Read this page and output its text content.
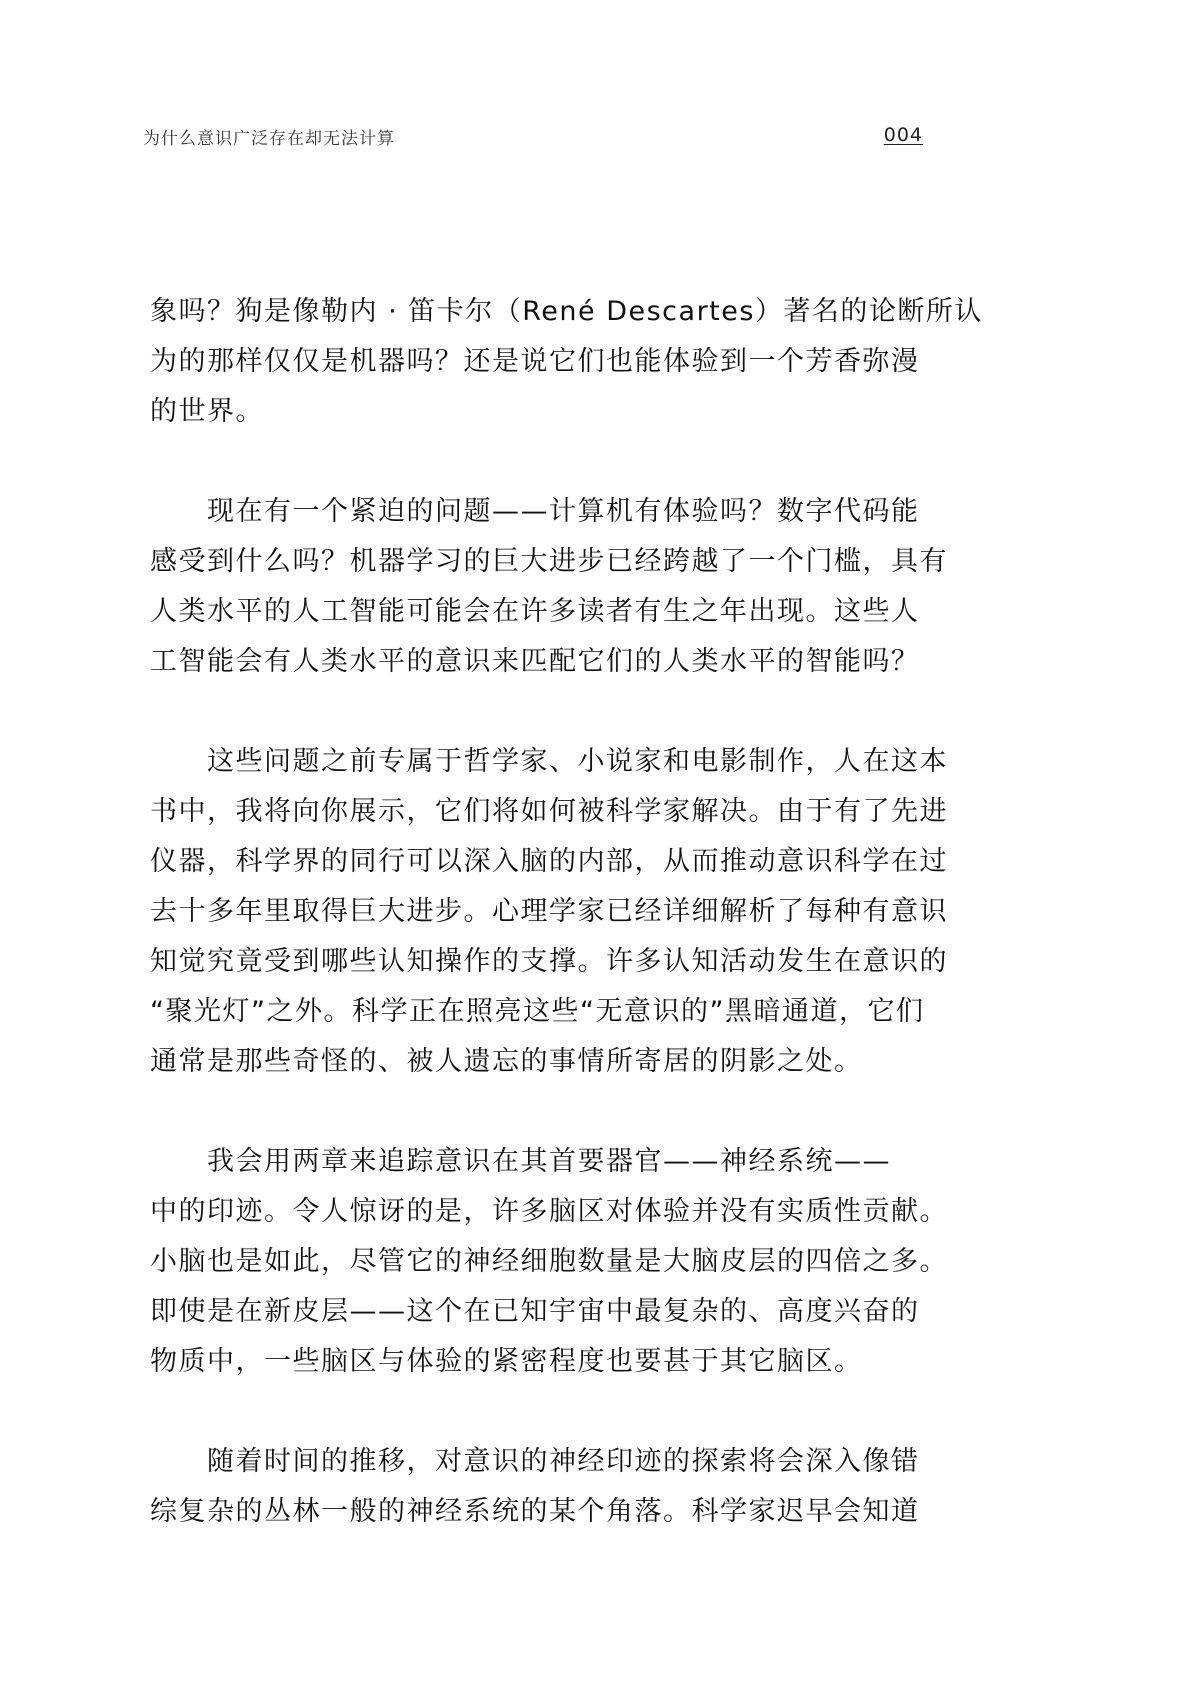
为什么意识广泛存在却无法计算	004
象吗？狗是像勒内 · 笛卡尔（René Descartes）著名的论断所认
为的那样仅仅是机器吗？还是说它们也能体验到一个芳香弥漫
的世界。
现在有一个紧迫的问题——计算机有体验吗？数字代码能
感受到什么吗？机器学习的巨大进步已经跨越了一个门槛，具有
人类水平的人工智能可能会在许多读者有生之年出现。这些人
工智能会有人类水平的意识来匹配它们的人类水平的智能吗？
这些问题之前专属于哲学家、小说家和电影制作，人在这本
书中，我将向你展示，它们将如何被科学家解决。由于有了先进
仪器，科学界的同行可以深入脑的内部，从而推动意识科学在过
去十多年里取得巨大进步。心理学家已经详细解析了每种有意识
知觉究竟受到哪些认知操作的支撑。许多认知活动发生在意识的
“聚光灯”之外。科学正在照亮这些“无意识的”黑暗通道，它们
通常是那些奇怪的、被人遗忘的事情所寄居的阴影之处。
我会用两章来追踪意识在其首要器官——神经系统——
中的印迹。令人惊讶的是，许多脑区对体验并没有实质性贡献。
小脑也是如此，尽管它的神经细胞数量是大脑皮层的四倍之多。
即使是在新皮层——这个在已知宇宙中最复杂的、高度兴奋的
物质中，一些脑区与体验的紧密程度也要甚于其它脑区。
随着时间的推移，对意识的神经印迹的探索将会深入像错
综复杂的丛林一般的神经系统的某个角落。科学家迟早会知道
